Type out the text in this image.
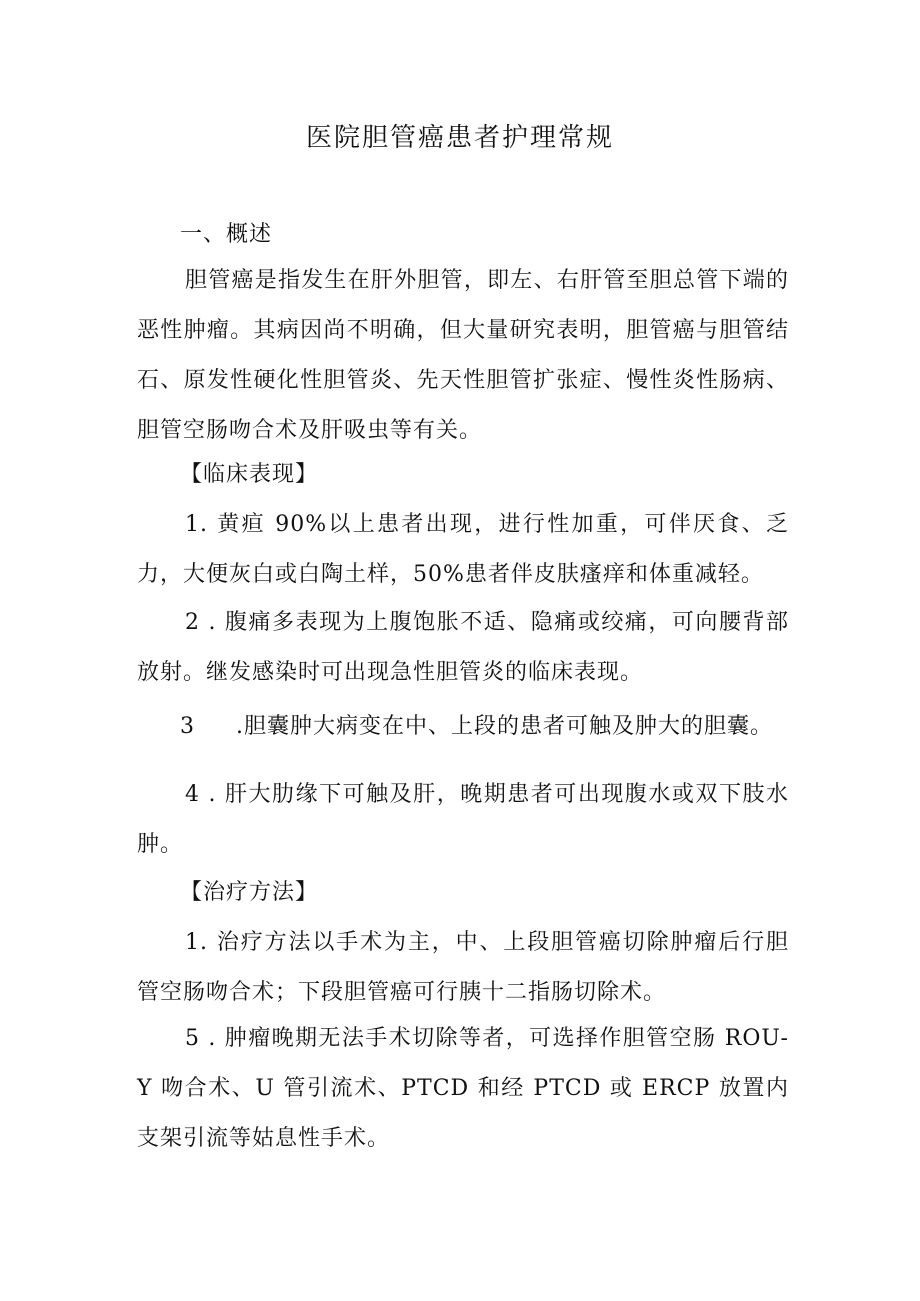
医院胆管癌患者护理常规

一、概述

胆管癌是指发生在肝外胆管，即左、右肝管至胆总管下端的恶性肿瘤。其病因尚不明确，但大量研究表明，胆管癌与胆管结石、原发性硬化性胆管炎、先天性胆管扩张症、慢性炎性肠病、胆管空肠吻合术及肝吸虫等有关。

【临床表现】

1. 黄疸 90%以上患者出现，进行性加重，可伴厌食、乏力，大便灰白或白陶土样，50%患者伴皮肤瘙痒和体重减轻。

2 . 腹痛多表现为上腹饱胀不适、隐痛或绞痛，可向腰背部放射。继发感染时可出现急性胆管炎的临床表现。

3 .胆囊肿大病变在中、上段的患者可触及肿大的胆囊。

4 . 肝大肋缘下可触及肝，晚期患者可出现腹水或双下肢水肿。

【治疗方法】

1. 治疗方法以手术为主，中、上段胆管癌切除肿瘤后行胆管空肠吻合术；下段胆管癌可行胰十二指肠切除术。

5 . 肿瘤晚期无法手术切除等者，可选择作胆管空肠 ROU-Y 吻合术、U 管引流术、PTCD 和经 PTCD 或 ERCP 放置内支架引流等姑息性手术。
